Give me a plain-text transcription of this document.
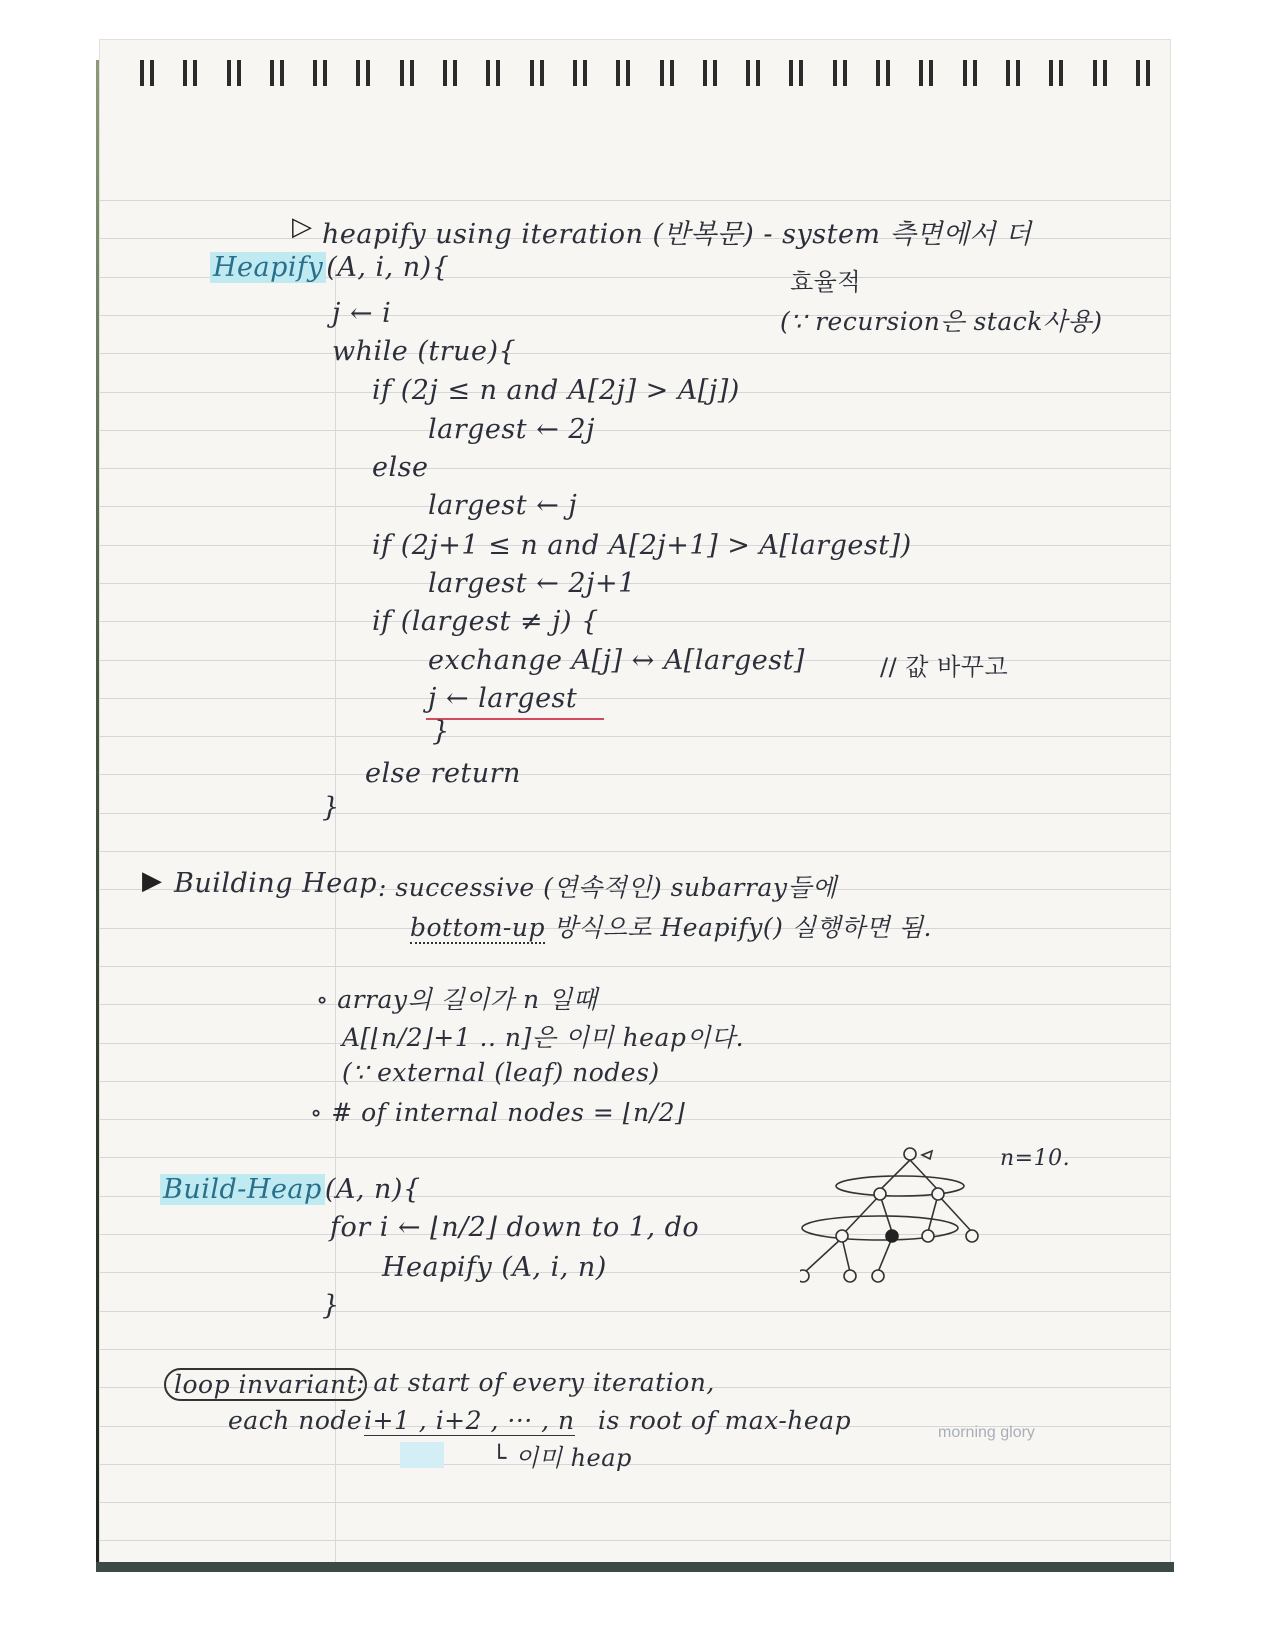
▷ heapify using iteration (반복문) - system 측면에서 더
효율적
(∵ recursion은 stack사용)
Heapify (A, i, n){
j ← i
while (true){
if (2j ≤ n and A[2j] > A[j])
largest ← 2j
else
largest ← j
if (2j+1 ≤ n and A[2j+1] > A[largest])
largest ← 2j+1
if (largest ≠ j) {
exchange A[j] ↔ A[largest]	// 값 바꾸고
j ← largest
}
else return
}
▶ Building Heap : successive (연속적인) subarray들에
bottom-up 방식으로 Heapify() 실행하면 됨.
∘ array의 길이가 n 일때
A[⌊n/2⌋+1 .. n]은 이미 heap이다.
(∵ external (leaf) nodes)
∘ # of internal nodes = ⌊n/2⌋
Build-Heap (A, n){
for i ← ⌊n/2⌋ down to 1, do
Heapify (A, i, n)
}
n=10.
loop invariant
: at start of every iteration,
each node i+1 , i+2 , ··· , n is root of max-heap
└ 이미 heap
morning glory
